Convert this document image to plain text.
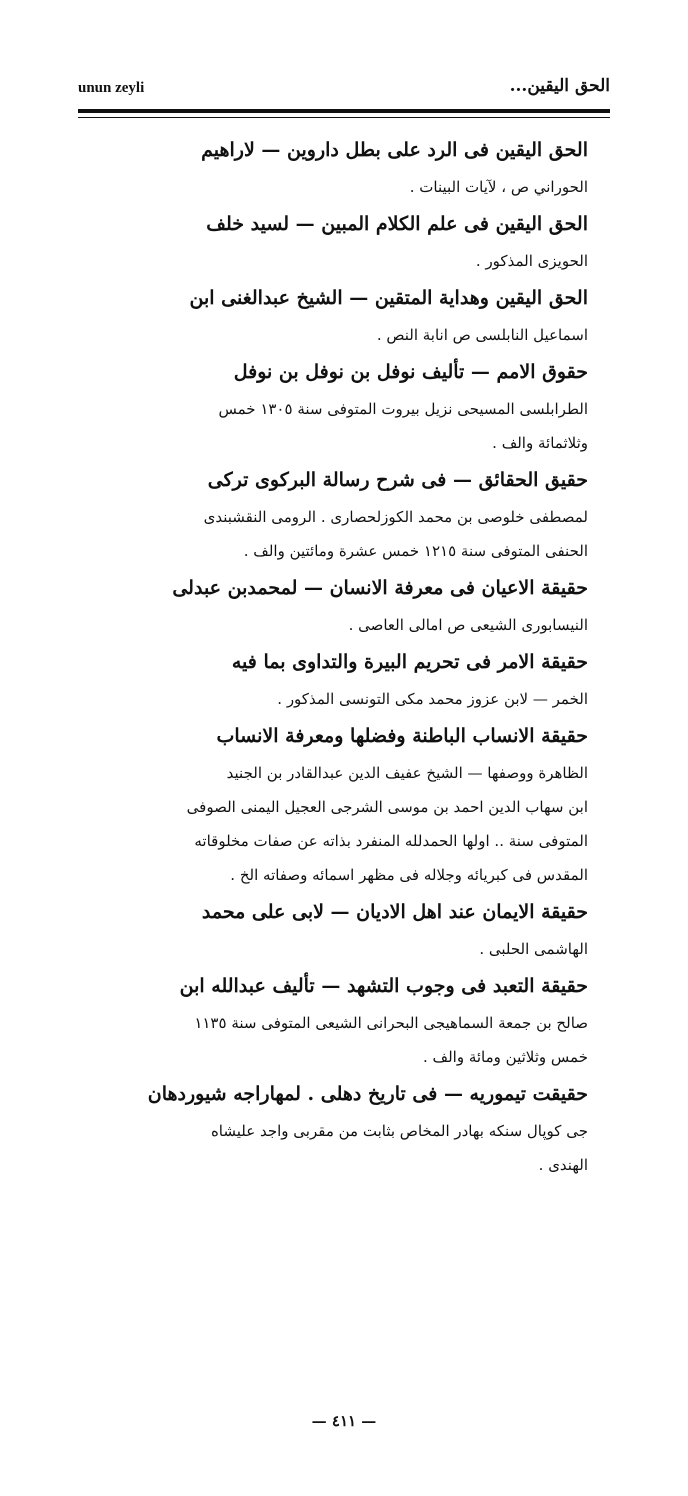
unun zeyli	الحق اليقين...
الحق اليقين فى الرد على بطل داروين — لاراهيم
الحوراني ص ، لآيات البينات .
الحق اليقين فى علم الكلام المبين — لسيد خلف
الحويزى المذكور .
الحق اليقين وهداية المتقين — الشيخ عبدالغنى ابن
اسماعيل النابلسى ص انابة النص .
حقوق الامم — تأليف نوفل بن نوفل بن نوفل
الطرابلسى المسيحى نزيل بيروت المتوفى سنة ١٣٠٥ خمس
وثلاثمائة والف .
حقيق الحقائق — فى شرح رسالة البركوى تركى
لمصطفى خلوصى بن محمد الكوزلحصارى . الرومى النقشبندى
الحنفى المتوفى سنة ١٢١٥ خمس عشرة ومائتين والف .
حقيقة الاعيان فى معرفة الانسان — لمحمدبن عبدلى
النيسابورى الشيعى ص امالى العاصى .
حقيقة الامر فى تحريم البيرة والتداوى بما فيه
الخمر — لابن عزوز محمد مكى التونسى المذكور .
حقيقة الانساب الباطنة وفضلها ومعرفة الانساب
الظاهرة ووصفها — الشيخ عفيف الدين عبدالقادر بن الجنيد
ابن سهاب الدين احمد بن موسى الشرجى العجيل اليمنى الصوفى
المتوفى سنة .. اولها الحمدلله المنفرد بذاته عن صفات مخلوقاته
المقدس فى كبريائه وجلاله فى مظهر اسمائه وصفاته الخ .
حقيقة الايمان عند اهل الاديان — لابى على محمد
الهاشمى الحلبى .
حقيقة التعبد فى وجوب التشهد — تأليف عبدالله ابن
صالح بن جمعة السماهيجى البحرانى الشيعى المتوفى سنة ١١٣٥
خمس وثلاثين ومائة والف .
حقيقت تيموريه — فى تاريخ دهلى . لمهاراجه شيوردهان
جى كوپال سنكه بهادر المخاص بثابت من مقربى واجد عليشاه
الهندى .
— ٤١١ —
